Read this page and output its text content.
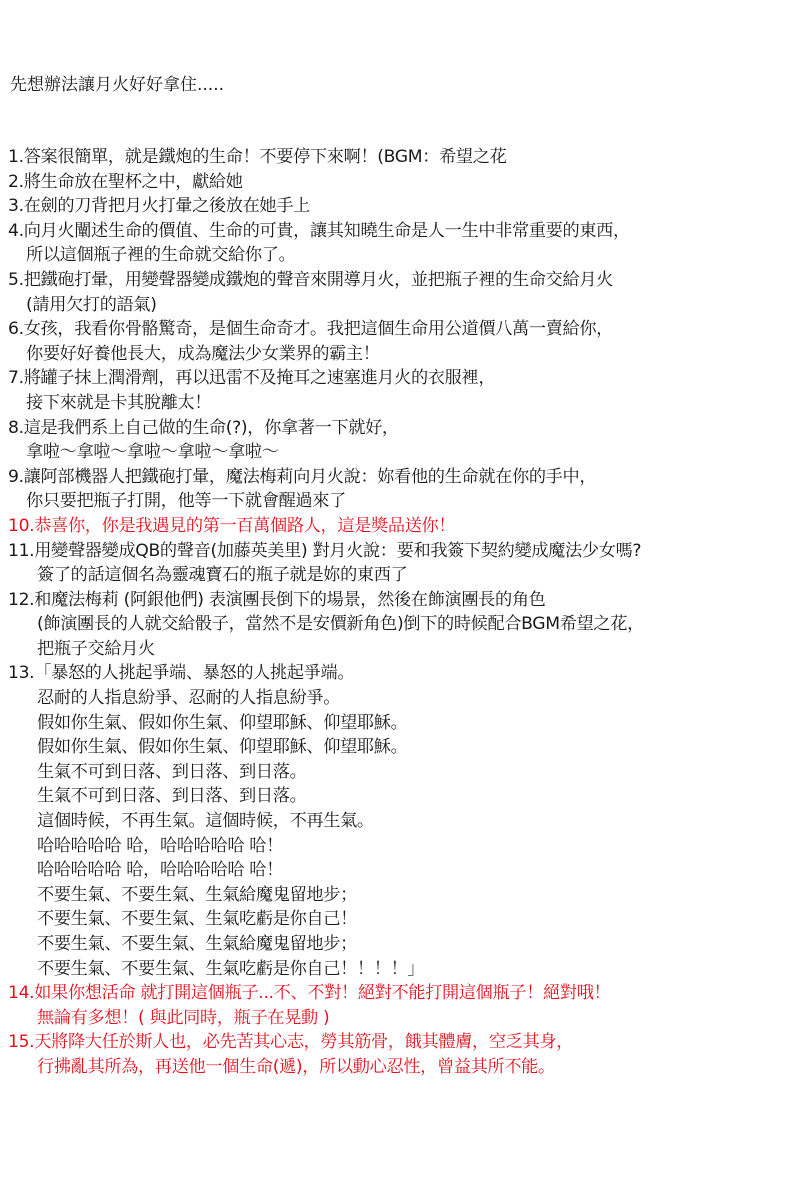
先想辦法讓月火好好拿住.....
1.答案很簡單，就是鐵炮的生命！不要停下來啊！(BGM：希望之花
2.將生命放在聖杯之中，獻給她
3.在劍的刀背把月火打暈之後放在她手上
4.向月火闡述生命的價值、生命的可貴，讓其知曉生命是人一生中非常重要的東西，
所以這個瓶子裡的生命就交給你了。
5.把鐵砲打暈，用變聲器變成鐵炮的聲音來開導月火，並把瓶子裡的生命交給月火
(請用欠打的語氣)
6.女孩，我看你骨骼驚奇，是個生命奇才。我把這個生命用公道價八萬一賣給你，
你要好好養他長大，成為魔法少女業界的霸主！
7.將罐子抹上潤滑劑，再以迅雷不及掩耳之速塞進月火的衣服裡，
接下來就是卡其脫離太！
8.這是我們系上自己做的生命(?)，你拿著一下就好，
拿啦～拿啦～拿啦～拿啦～拿啦～
9.讓阿部機器人把鐵砲打暈，魔法梅莉向月火說：妳看他的生命就在你的手中，
你只要把瓶子打開，他等一下就會醒過來了
10.恭喜你，你是我遇見的第一百萬個路人，這是獎品送你！
11.用變聲器變成QB的聲音(加藤英美里) 對月火說：要和我簽下契約變成魔法少女嗎?
簽了的話這個名為靈魂寶石的瓶子就是妳的東西了
12.和魔法梅莉 (阿銀他們) 表演團長倒下的場景，然後在飾演團長的角色
(飾演團長的人就交給骰子，當然不是安價新角色)倒下的時候配合BGM希望之花，
把瓶子交給月火
13.「暴怒的人挑起爭端、暴怒的人挑起爭端。
忍耐的人指息紛爭、忍耐的人指息紛爭。
假如你生氣、假如你生氣、仰望耶穌、仰望耶穌。
假如你生氣、假如你生氣、仰望耶穌、仰望耶穌。
生氣不可到日落、到日落、到日落。
生氣不可到日落、到日落、到日落。
這個時候，不再生氣。這個時候，不再生氣。
哈哈哈哈哈 哈，哈哈哈哈哈 哈！
哈哈哈哈哈 哈，哈哈哈哈哈 哈！
不要生氣、不要生氣、生氣給魔鬼留地步；
不要生氣、不要生氣、生氣吃虧是你自己！
不要生氣、不要生氣、生氣給魔鬼留地步；
不要生氣、不要生氣、生氣吃虧是你自己！！！！」
14.如果你想活命 就打開這個瓶子...不、不對！絕對不能打開這個瓶子！絕對哦！
無論有多想！( 與此同時，瓶子在晃動 )
15.天將降大任於斯人也，必先苦其心志，勞其筋骨，餓其體膚，空乏其身，
行拂亂其所為，再送他一個生命(遞)，所以動心忍性，曾益其所不能。
